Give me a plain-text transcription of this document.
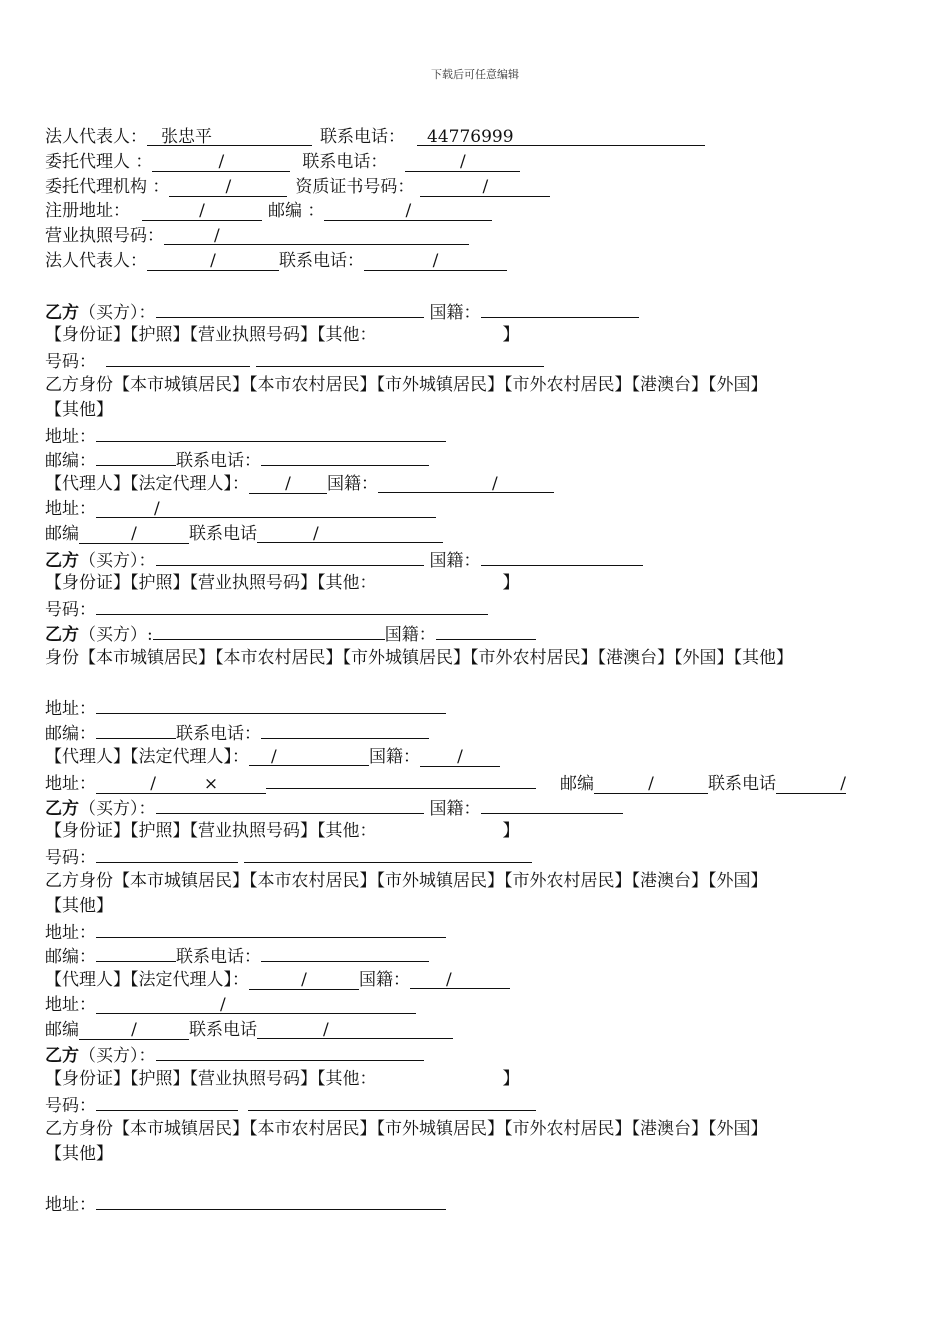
下载后可任意编辑
法人代表人： 张忠平	联系电话： 44776999
委托代理人 ：	/	联系电话：	/
委托代理机构 ：	/	资质证书号码：	/
注册地址：	/	邮编 ：	/
营业执照号码：	/
法人代表人：	/	联系电话：	/
乙方（买方）：	国籍：
【身份证】【护照】【营业执照号码】【其他：	】
号码：
乙方身份【本市城镇居民】【本市农村居民】【市外城镇居民】【市外农村居民】【港澳台】【外国】
【其他】
地址：
邮编：	联系电话：
【代理人】【法定代理人】： / 国籍：	/
地址：	/
邮编	/	联系电话	/
乙方（买方）：	国籍：
【身份证】【护照】【营业执照号码】【其他：	】
号码：
乙方（买方）:	国籍：
身份【本市城镇居民】【本市农村居民】【市外城镇居民】【市外农村居民】【港澳台】【外国】【其他】
地址：
邮编：	联系电话：
【代理人】【法定代理人】： /	国籍： /
地址：	/	×	邮编	/	联系电话	/
乙方（买方）：	国籍：
【身份证】【护照】【营业执照号码】【其他：	】
号码：
乙方身份【本市城镇居民】【本市农村居民】【市外城镇居民】【市外农村居民】【港澳台】【外国】
【其他】
地址：
邮编：	联系电话：
【代理人】【法定代理人】：	/	国籍： /
地址：	/
邮编	/	联系电话	/
乙方（买方）：
【身份证】【护照】【营业执照号码】【其他：	】
号码：
乙方身份【本市城镇居民】【本市农村居民】【市外城镇居民】【市外农村居民】【港澳台】【外国】
【其他】
地址：
